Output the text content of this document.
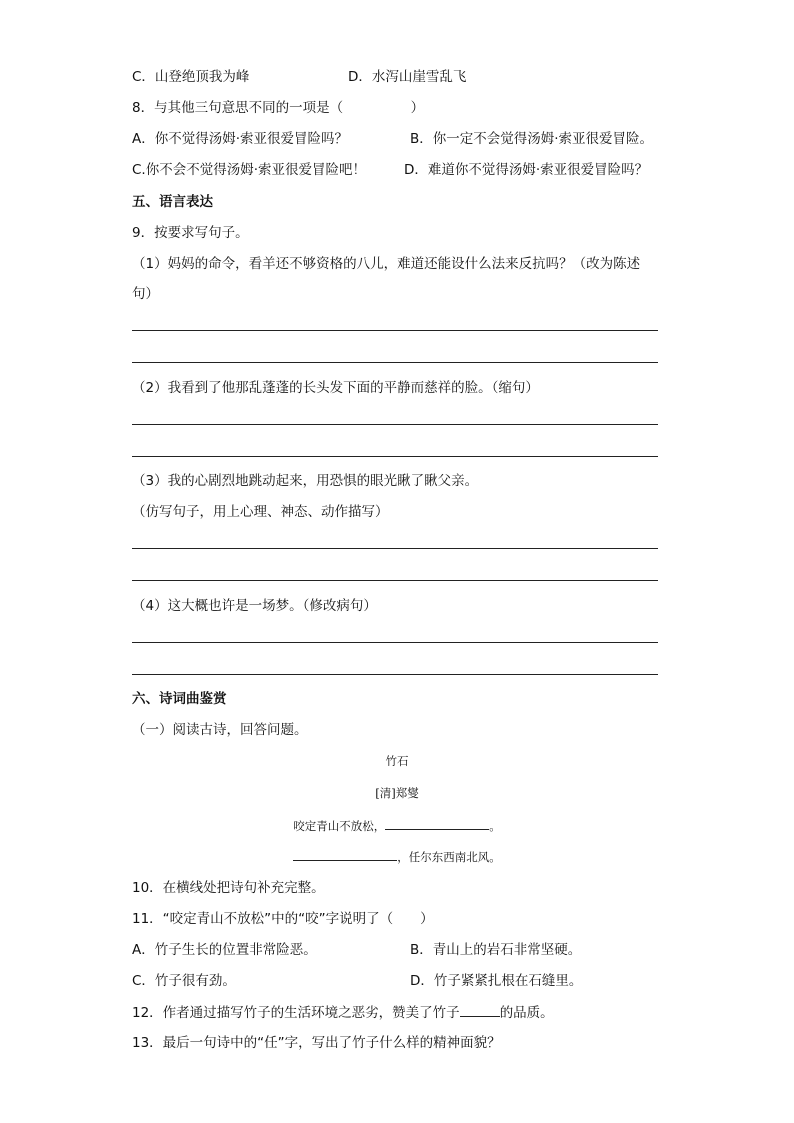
C．山登绝顶我为峰	D．水泻山崖雪乱飞
8．与其他三句意思不同的一项是（　　　　　）
A．你不觉得汤姆·索亚很爱冒险吗？	B．你一定不会觉得汤姆·索亚很爱冒险。
C.你不会不觉得汤姆·索亚很爱冒险吧！	D．难道你不觉得汤姆·索亚很爱冒险吗？
五、语言表达
9．按要求写句子。
（1）妈妈的命令，看羊还不够资格的八儿，难道还能设什么法来反抗吗？（改为陈述
句）
（2）我看到了他那乱蓬蓬的长头发下面的平静而慈祥的脸。（缩句）
（3）我的心剧烈地跳动起来，用恐惧的眼光瞅了瞅父亲。
（仿写句子，用上心理、神态、动作描写）
（4）这大概也许是一场梦。（修改病句）
六、诗词曲鉴赏
（一）阅读古诗，回答问题。
竹石
[清]郑燮
咬定青山不放松，	。
，任尔东西南北风。
10．在横线处把诗句补充完整。
11．“咬定青山不放松”中的“咬”字说明了（　　）
A．竹子生长的位置非常险恶。	B．青山上的岩石非常坚硬。
C．竹子很有劲。	D．竹子紧紧扎根在石缝里。
12．作者通过描写竹子的生活环境之恶劣，赞美了竹子	的品质。
13．最后一句诗中的“任”字，写出了竹子什么样的精神面貌？
